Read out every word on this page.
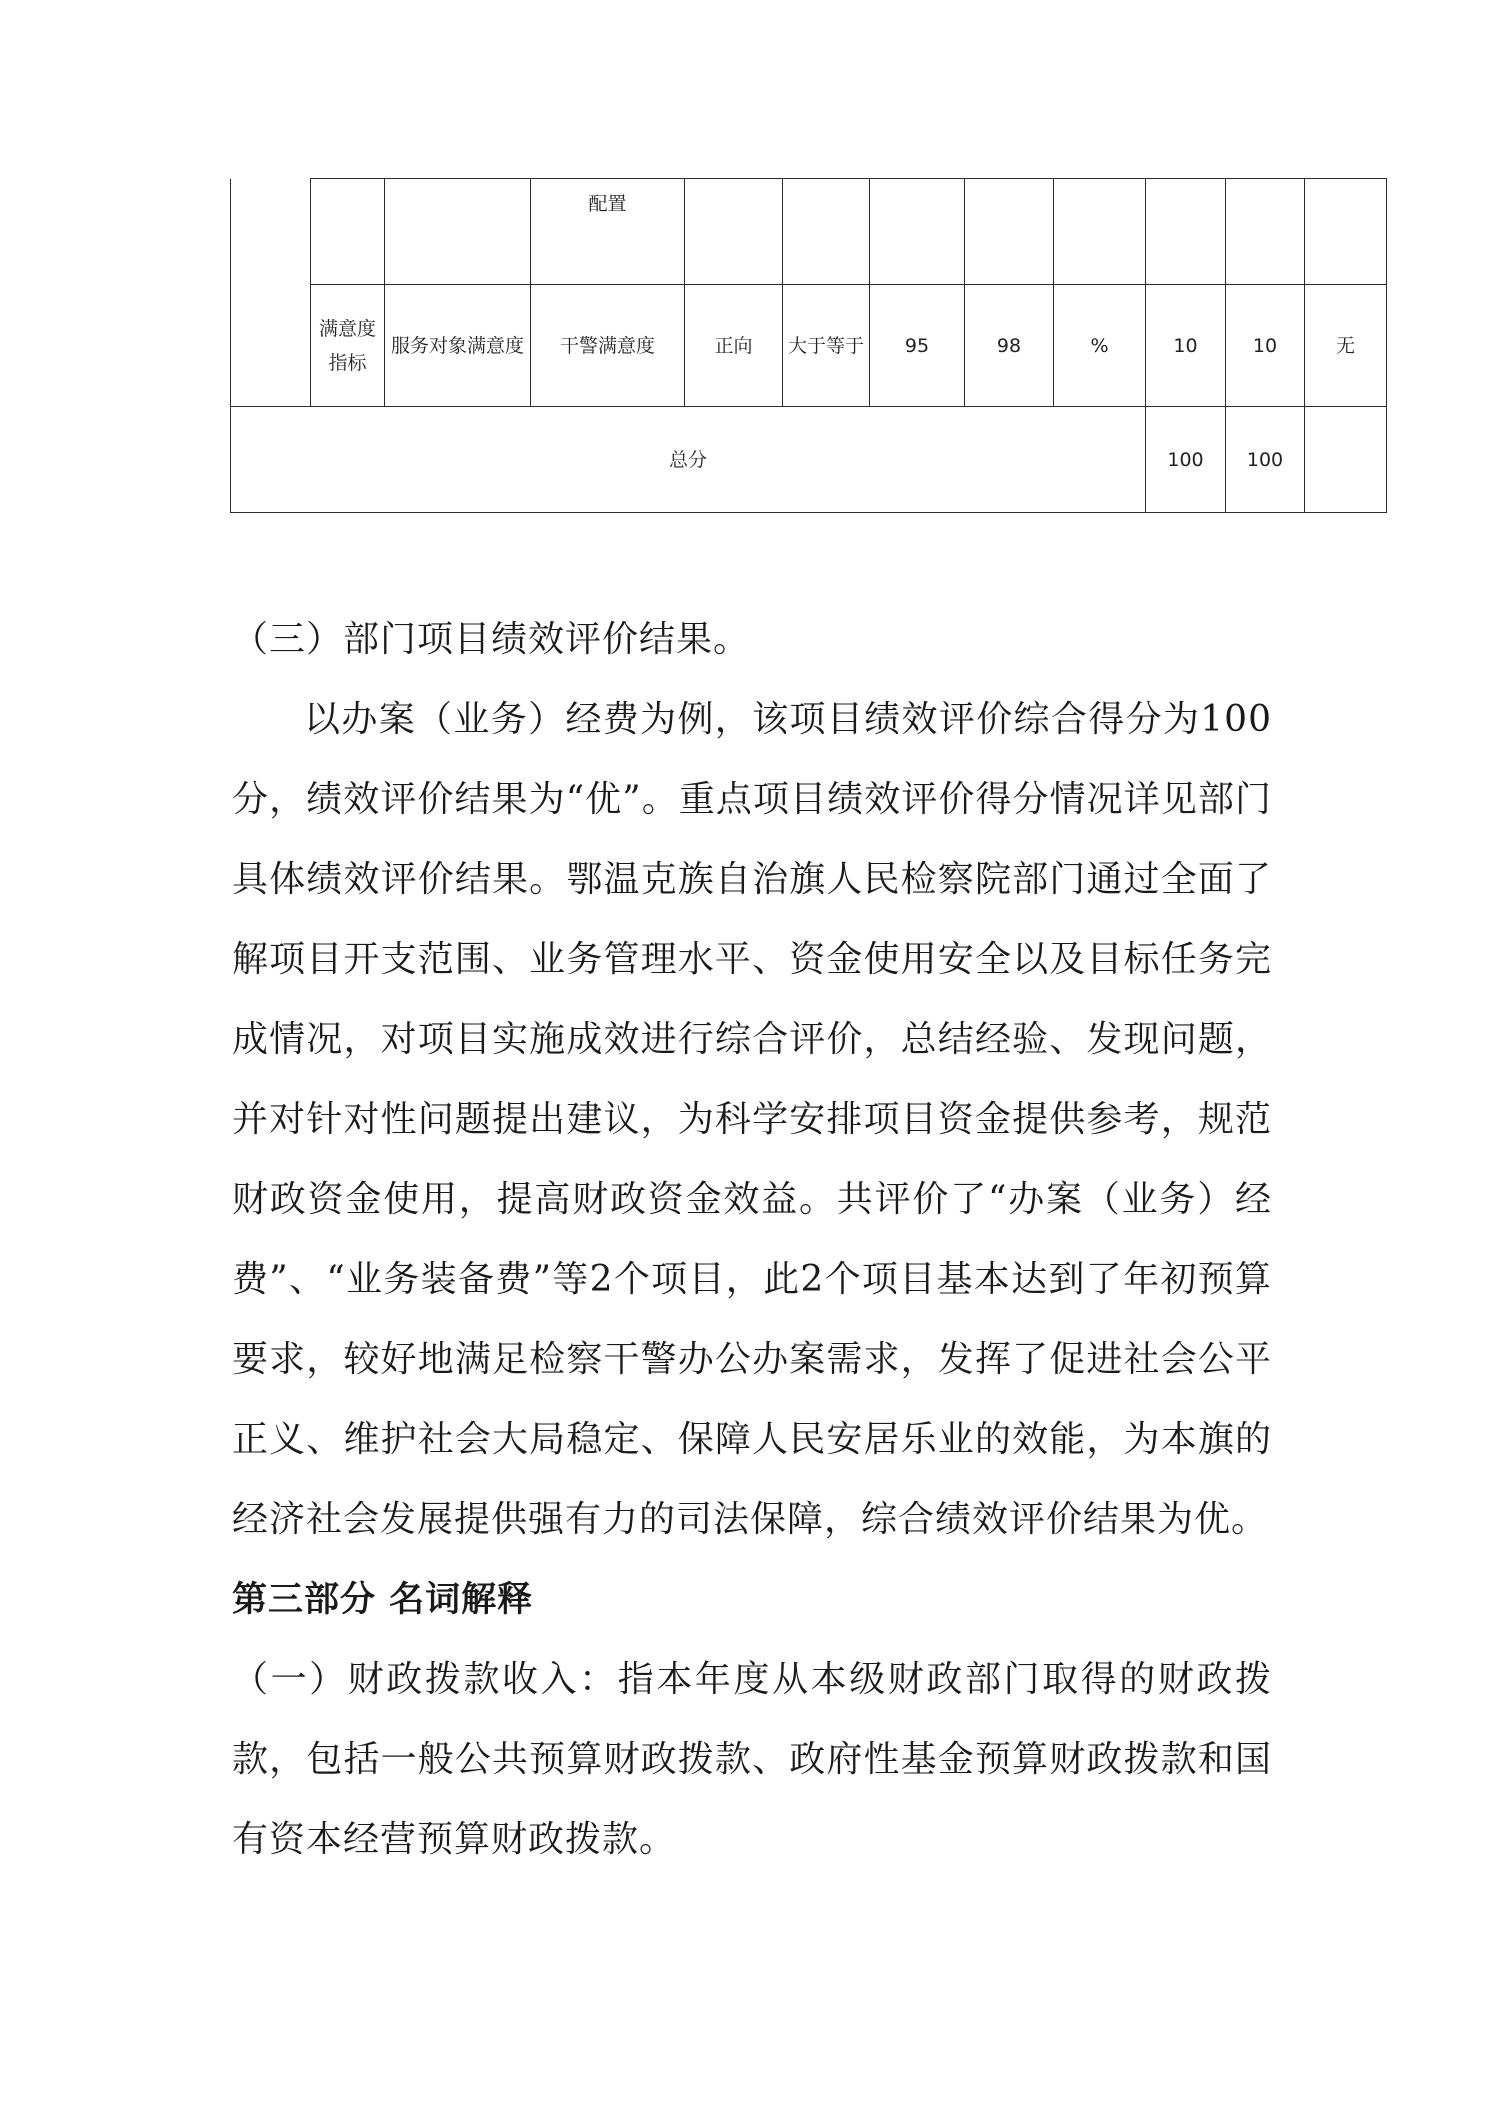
			配置								
	满意度指标	服务对象满意度	干警满意度	正向	大于等于	95	98	%	10	10	无
总分									100	100	

（三）部门项目绩效评价结果。

以办案（业务）经费为例，该项目绩效评价综合得分为100分，绩效评价结果为“优”。重点项目绩效评价得分情况详见部门具体绩效评价结果。鄂温克族自治旗人民检察院部门通过全面了解项目开支范围、业务管理水平、资金使用安全以及目标任务完成情况，对项目实施成效进行综合评价，总结经验、发现问题，并对针对性问题提出建议，为科学安排项目资金提供参考，规范财政资金使用，提高财政资金效益。共评价了“办案（业务）经费”、“业务装备费”等2个项目，此2个项目基本达到了年初预算要求，较好地满足检察干警办公办案需求，发挥了促进社会公平 正义、维护社会大局稳定、保障人民安居乐业的效能，为本旗的经济社会发展提供强有力的司法保障，综合绩效评价结果为优。

第三部分 名词解释

（一）财政拨款收入：指本年度从本级财政部门取得的财政拨款，包括一般公共预算财政拨款、政府性基金预算财政拨款和国有资本经营预算财政拨款。
